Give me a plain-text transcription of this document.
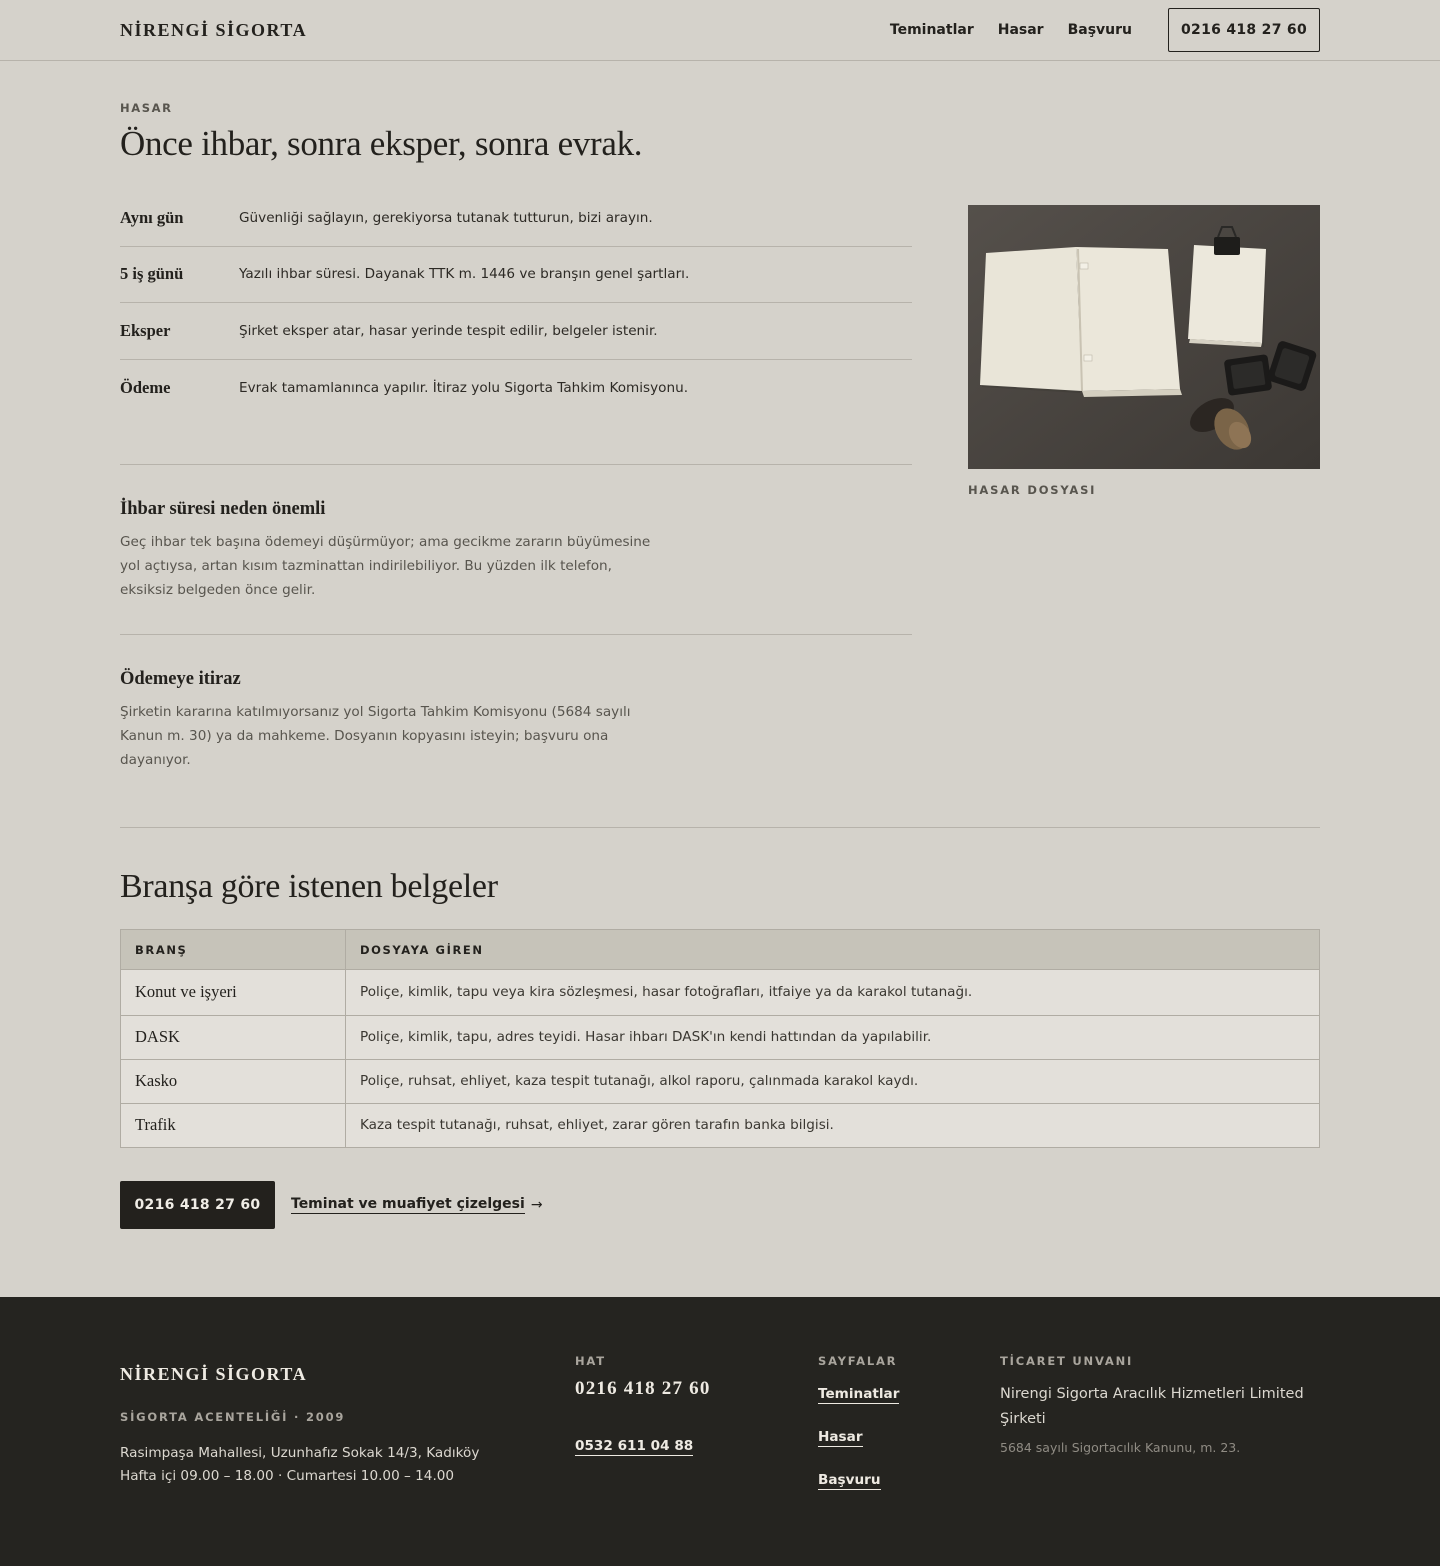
NİRENGİ SİGORTA	Teminatlar Hasar Başvuru	0216 418 27 60
HASAR
Önce ihbar, sonra eksper, sonra evrak.
Aynı gün	Güvenliği sağlayın, gerekiyorsa tutanak tutturun, bizi arayın.
5 iş günü	Yazılı ihbar süresi. Dayanak TTK m. 1446 ve branşın genel şartları.
Eksper	Şirket eksper atar, hasar yerinde tespit edilir, belgeler istenir.
Ödeme	Evrak tamamlanınca yapılır. İtiraz yolu Sigorta Tahkim Komisyonu.
İhbar süresi neden önemli

Geç ihbar tek başına ödemeyi düşürmüyor; ama gecikme zararın büyümesine yol açtıysa, artan kısım tazminattan indirilebiliyor. Bu yüzden ilk telefon, eksiksiz belgeden önce gelir.

Ödemeye itiraz

Şirketin kararına katılmıyorsanız yol Sigorta Tahkim Komisyonu (5684 sayılı Kanun m. 30) ya da mahkeme. Dosyanın kopyasını isteyin; başvuru ona dayanıyor.

HASAR DOSYASI
Branşa göre istenen belgeler
BRANŞ	DOSYAYA GİREN
Konut ve işyeri	Poliçe, kimlik, tapu veya kira sözleşmesi, hasar fotoğrafları, itfaiye ya da karakol tutanağı.
DASK	Poliçe, kimlik, tapu, adres teyidi. Hasar ihbarı DASK'ın kendi hattından da yapılabilir.
Kasko	Poliçe, ruhsat, ehliyet, kaza tespit tutanağı, alkol raporu, çalınmada karakol kaydı.
Trafik	Kaza tespit tutanağı, ruhsat, ehliyet, zarar gören tarafın banka bilgisi.
0216 418 27 60	Teminat ve muafiyet çizelgesi →
NİRENGİ SİGORTA
SİGORTA ACENTELİĞİ · 2009
Rasimpaşa Mahallesi, Uzunhafız Sokak 14/3, Kadıköy
Hafta içi 09.00 – 18.00 · Cumartesi 10.00 – 14.00
HAT
0216 418 27 60
0532 611 04 88
SAYFALAR
Teminatlar
Hasar
Başvuru
TİCARET UNVANI
Nirengi Sigorta Aracılık Hizmetleri Limited Şirketi
5684 sayılı Sigortacılık Kanunu, m. 23.
